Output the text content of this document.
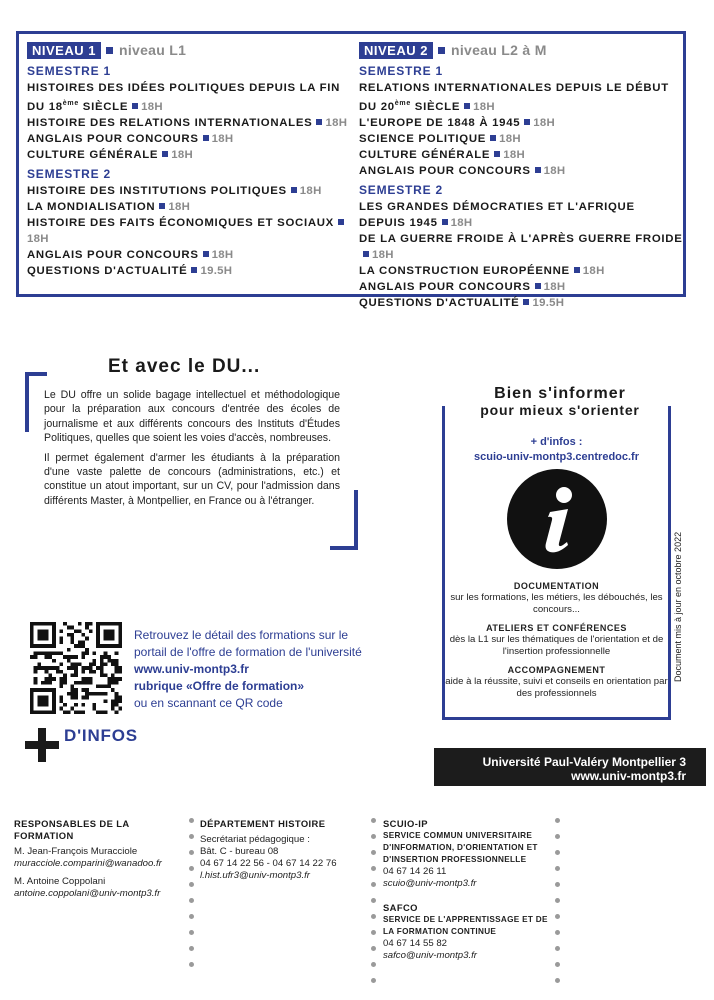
NIVEAU 1	niveau L1
SEMESTRE 1
HISTOIRES DES IDÉES POLITIQUES DEPUIS LA FIN DU 18ème SIÈCLE 18H
HISTOIRE DES RELATIONS INTERNATIONALES 18H
ANGLAIS POUR CONCOURS 18H
CULTURE GÉNÉRALE 18H
SEMESTRE 2
HISTOIRE DES INSTITUTIONS POLITIQUES 18H
LA MONDIALISATION 18H
HISTOIRE DES FAITS ÉCONOMIQUES ET SOCIAUX18H
ANGLAIS POUR CONCOURS 18H
QUESTIONS D'ACTUALITÉ 19.5H
NIVEAU 2	niveau L2 à M
SEMESTRE 1
RELATIONS INTERNATIONALES DEPUIS LE DÉBUT DU 20ème SIÈCLE 18H
L'EUROPE DE 1848 À 1945 18H
SCIENCE POLITIQUE 18H
CULTURE GÉNÉRALE 18H
ANGLAIS POUR CONCOURS 18H
SEMESTRE 2
LES GRANDES DÉMOCRATIES ET L'AFRIQUE DEPUIS 1945 18H
DE LA GUERRE FROIDE À L'APRÈS GUERRE FROIDE18H
LA CONSTRUCTION EUROPÉENNE 18H
ANGLAIS POUR CONCOURS 18H
QUESTIONS D'ACTUALITÉ 19.5H
Et avec le DU...

Le DU offre un solide bagage intellectuel et méthodologique pour la préparation aux concours d'entrée des écoles de journalisme et aux différents concours des Instituts d'Études Politiques, quelles que soient les voies d'accès, nombreuses.

Il permet également d'armer les étudiants à la préparation d'une vaste palette de concours (administrations, etc.) et constitue un atout important, sur un CV, pour l'admission dans différents Master, à Montpellier, en France ou à l'étranger.

Bien s'informer
pour mieux s'orienter
+ d'infos :
scuio-univ-montp3.centredoc.fr
DOCUMENTATION
sur les formations, les métiers, les débouchés, les concours...
ATELIERS ET CONFÉRENCES
dès la L1 sur les thématiques de l'orientation et de l'insertion professionnelle
ACCOMPAGNEMENT
aide à la réussite, suivi et conseils en orientation par des professionnels
Document mis à jour en octobre 2022
Retrouvez le détail des formations sur le
portail de l'offre de formation de l'université
www.univ-montp3.fr
rubrique «Offre de formation»
ou en scannant ce QR code
D'INFOS
Université Paul-Valéry Montpellier 3
www.univ-montp3.fr
RESPONSABLES DE LA
FORMATION
M. Jean-François Muracciole
muracciole.comparini@wanadoo.fr
M. Antoine Coppolani
antoine.coppolani@univ-montp3.fr
DÉPARTEMENT HISTOIRE
Secrétariat pédagogique :
Bât. C - bureau 08
04 67 14 22 56 - 04 67 14 22 76
l.hist.ufr3@univ-montp3.fr
SCUIO-IP
SERVICE COMMUN UNIVERSITAIRE
D'INFORMATION, D'ORIENTATION ET
D'INSERTION PROFESSIONNELLE
04 67 14 26 11
scuio@univ-montp3.fr
SAFCO
SERVICE DE L'APPRENTISSAGE ET DE
LA FORMATION CONTINUE
04 67 14 55 82
safco@univ-montp3.fr
